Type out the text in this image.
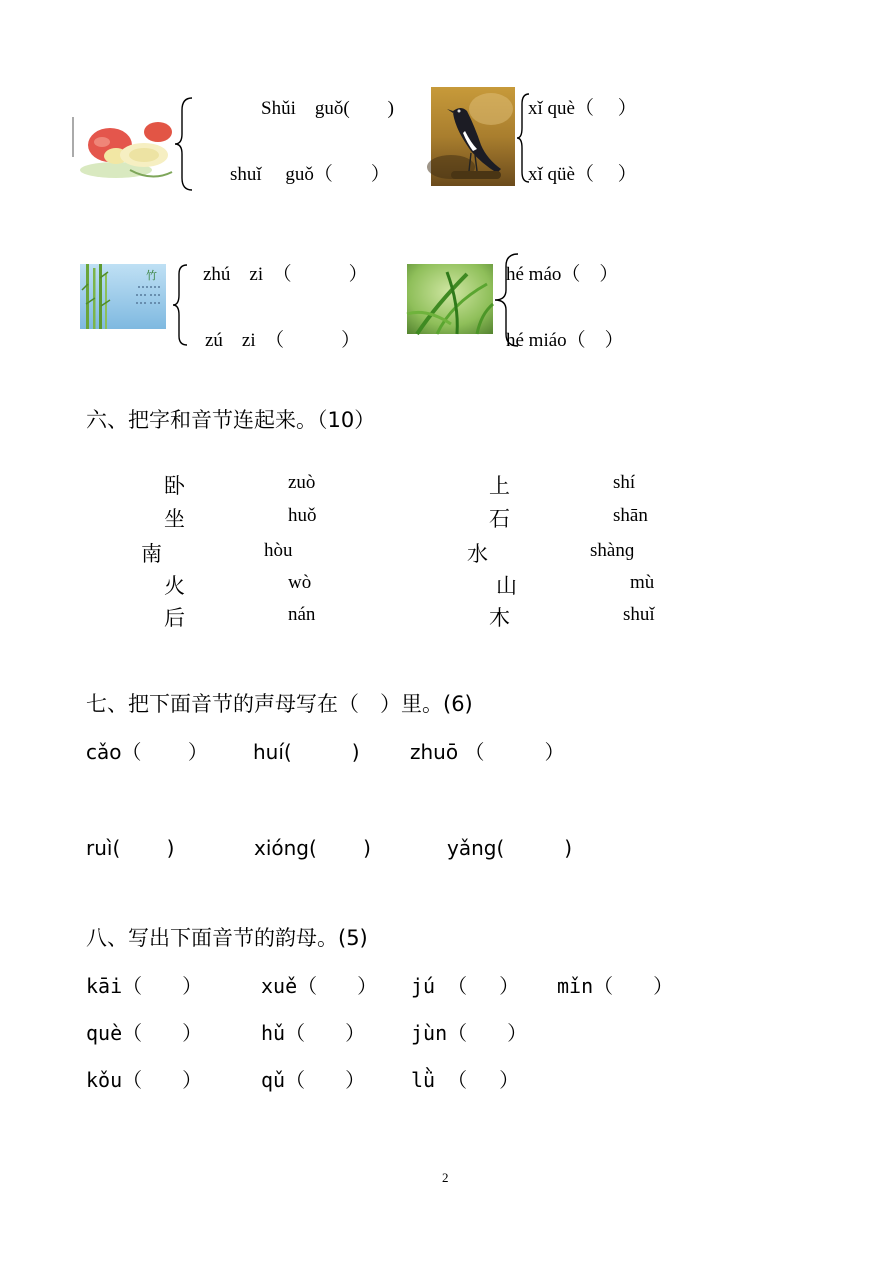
Shǔi　guǒ(　　)
shuǐ　 guǒ（　　）
xǐ què（　 ）
xǐ qüè（　 ）
竹 zhú　zi　（　　　）
zú　zi　（　　　）
hé máo（　）
hé miáo（　）
六、把字和音节连起来。（10）
卧
坐
南
火
后
zuò
huǒ
hòu
wò
nán
上
石
水
山
木
shí
shān
shànɡ
mù
shuǐ
七、把下面音节的声母写在（　）里。(6)
cǎo（　　 ） huí(　　　)	zhuō （　　　）
ruì(　　 )	xióng(　　 )	yǎng(　　　)
八、写出下面音节的韵母。(5)
kāi（　　）	xuě（　　） jú （　 ） mǐn（　　）
què（　　）	hǔ（　　） jùn（　　）
kǒu（　　）	qǔ（　　） lǜ （　 ）
2
